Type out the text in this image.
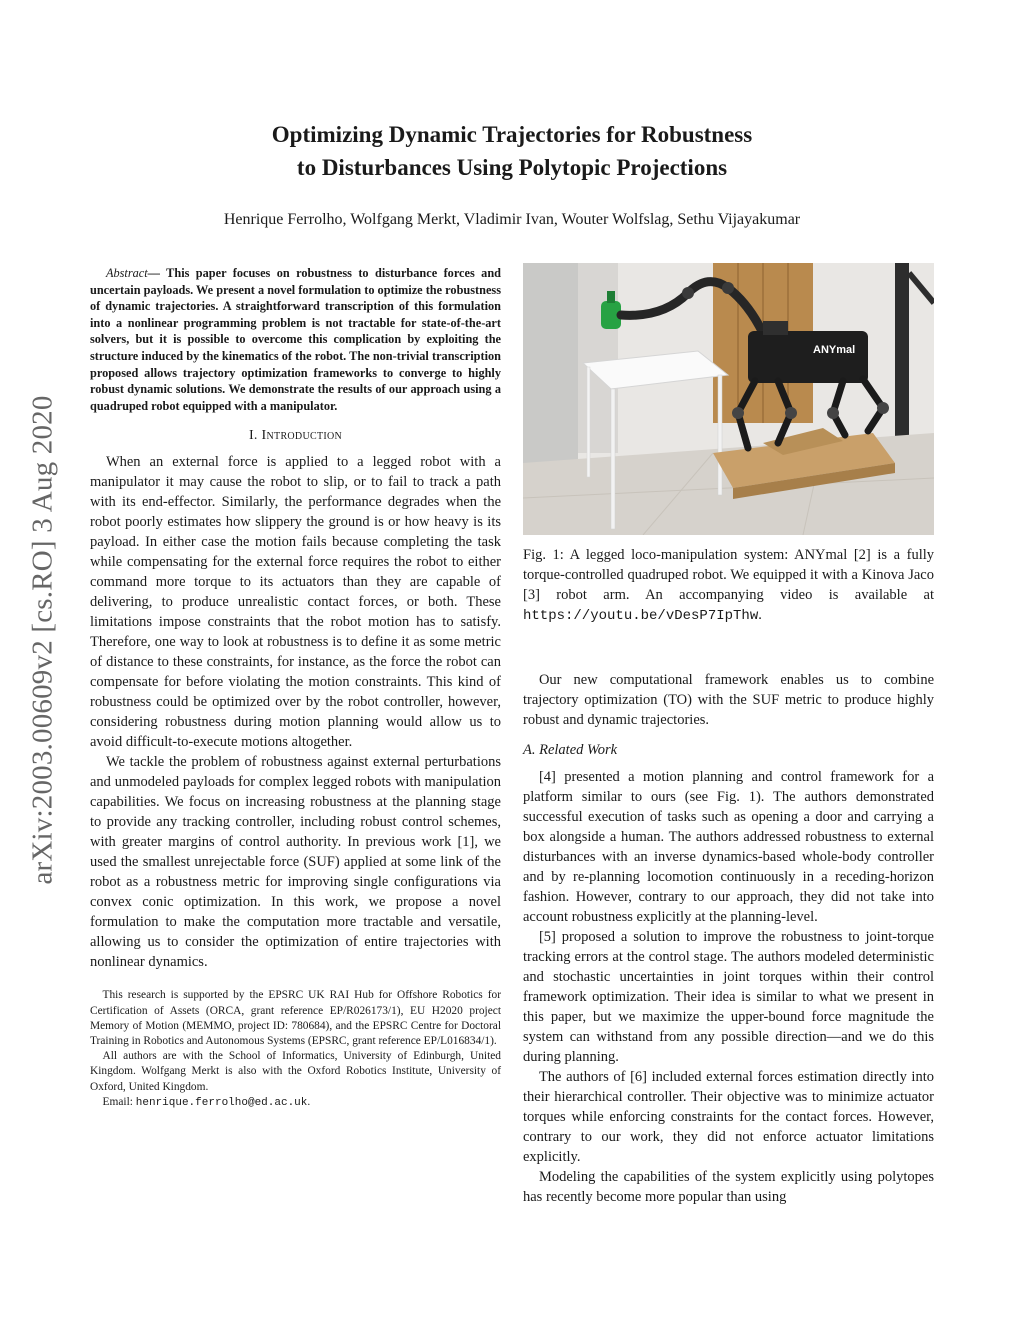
Optimizing Dynamic Trajectories for Robustness
to Disturbances Using Polytopic Projections

Henrique Ferrolho, Wolfgang Merkt, Vladimir Ivan, Wouter Wolfslag, Sethu Vijayakumar

arXiv:2003.00609v2 [cs.RO] 3 Aug 2020

Abstract— This paper focuses on robustness to disturbance forces and uncertain payloads. We present a novel formulation to optimize the robustness of dynamic trajectories. A straightforward transcription of this formulation into a nonlinear programming problem is not tractable for state-of-the-art solvers, but it is possible to overcome this complication by exploiting the structure induced by the kinematics of the robot. The non-trivial transcription proposed allows trajectory optimization frameworks to converge to highly robust dynamic solutions. We demonstrate the results of our approach using a quadruped robot equipped with a manipulator.

I. Introduction

When an external force is applied to a legged robot with a manipulator it may cause the robot to slip, or to fail to track a path with its end-effector. Similarly, the performance degrades when the robot poorly estimates how slippery the ground is or how heavy is its payload. In either case the motion fails because completing the task while compensating for the external force requires the robot to either command more torque to its actuators than they are capable of delivering, to produce unrealistic contact forces, or both. These limitations impose constraints that the robot motion has to satisfy. Therefore, one way to look at robustness is to define it as some metric of distance to these constraints, for instance, as the force the robot can compensate for before violating the motion constraints. This kind of robustness could be optimized over by the robot controller, however, considering robustness during motion planning would allow us to avoid difficult-to-execute motions altogether.

We tackle the problem of robustness against external perturbations and unmodeled payloads for complex legged robots with manipulation capabilities. We focus on increasing robustness at the planning stage to provide any tracking controller, including robust control schemes, with greater margins of control authority. In previous work [1], we used the smallest unrejectable force (SUF) applied at some link of the robot as a robustness metric for improving single configurations via convex conic optimization. In this work, we propose a novel formulation to make the computation more tractable and versatile, allowing us to consider the optimization of entire trajectories with nonlinear dynamics.

This research is supported by the EPSRC UK RAI Hub for Offshore Robotics for Certification of Assets (ORCA, grant reference EP/R026173/1), EU H2020 project Memory of Motion (MEMMO, project ID: 780684), and the EPSRC Centre for Doctoral Training in Robotics and Autonomous Systems (EPSRC, grant reference EP/L016834/1).

All authors are with the School of Informatics, University of Edinburgh, United Kingdom. Wolfgang Merkt is also with the Oxford Robotics Institute, University of Oxford, United Kingdom.

Email: henrique.ferrolho@ed.ac.uk.

ANYmal

Fig. 1: A legged loco-manipulation system: ANYmal [2] is a fully torque-controlled quadruped robot. We equipped it with a Kinova Jaco [3] robot arm. An accompanying video is available at https://youtu.be/vDesP7IpThw.

Our new computational framework enables us to combine trajectory optimization (TO) with the SUF metric to produce highly robust and dynamic trajectories.

A. Related Work

[4] presented a motion planning and control framework for a platform similar to ours (see Fig. 1). The authors demonstrated successful execution of tasks such as opening a door and carrying a box alongside a human. The authors addressed robustness to external disturbances with an inverse dynamics-based whole-body controller and by re-planning locomotion continuously in a receding-horizon fashion. However, contrary to our approach, they did not take into account robustness explicitly at the planning-level.

[5] proposed a solution to improve the robustness to joint-torque tracking errors at the control stage. The authors modeled deterministic and stochastic uncertainties in joint torques within their control framework optimization. Their idea is similar to what we present in this paper, but we maximize the upper-bound force magnitude the system can withstand from any possible direction—and we do this during planning.

The authors of [6] included external forces estimation directly into their hierarchical controller. Their objective was to minimize actuator torques while enforcing constraints for the contact forces. However, contrary to our work, they did not enforce actuator limitations explicitly.

Modeling the capabilities of the system explicitly using polytopes has recently become more popular than using
